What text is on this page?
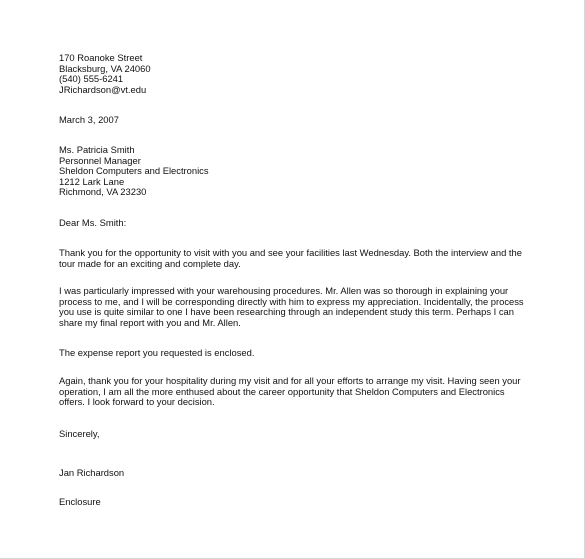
170 Roanoke Street
Blacksburg, VA 24060
(540) 555-6241
JRichardson@vt.edu
March 3, 2007
Ms. Patricia Smith
Personnel Manager
Sheldon Computers and Electronics
1212 Lark Lane
Richmond, VA 23230
Dear Ms. Smith:
Thank you for the opportunity to visit with you and see your facilities last Wednesday. Both the interview and the
tour made for an exciting and complete day.
I was particularly impressed with your warehousing procedures. Mr. Allen was so thorough in explaining your
process to me, and I will be corresponding directly with him to express my appreciation. Incidentally, the process
you use is quite similar to one I have been researching through an independent study this term. Perhaps I can
share my final report with you and Mr. Allen.
The expense report you requested is enclosed.
Again, thank you for your hospitality during my visit and for all your efforts to arrange my visit. Having seen your
operation, I am all the more enthused about the career opportunity that Sheldon Computers and Electronics
offers. I look forward to your decision.
Sincerely,
Jan Richardson
Enclosure
